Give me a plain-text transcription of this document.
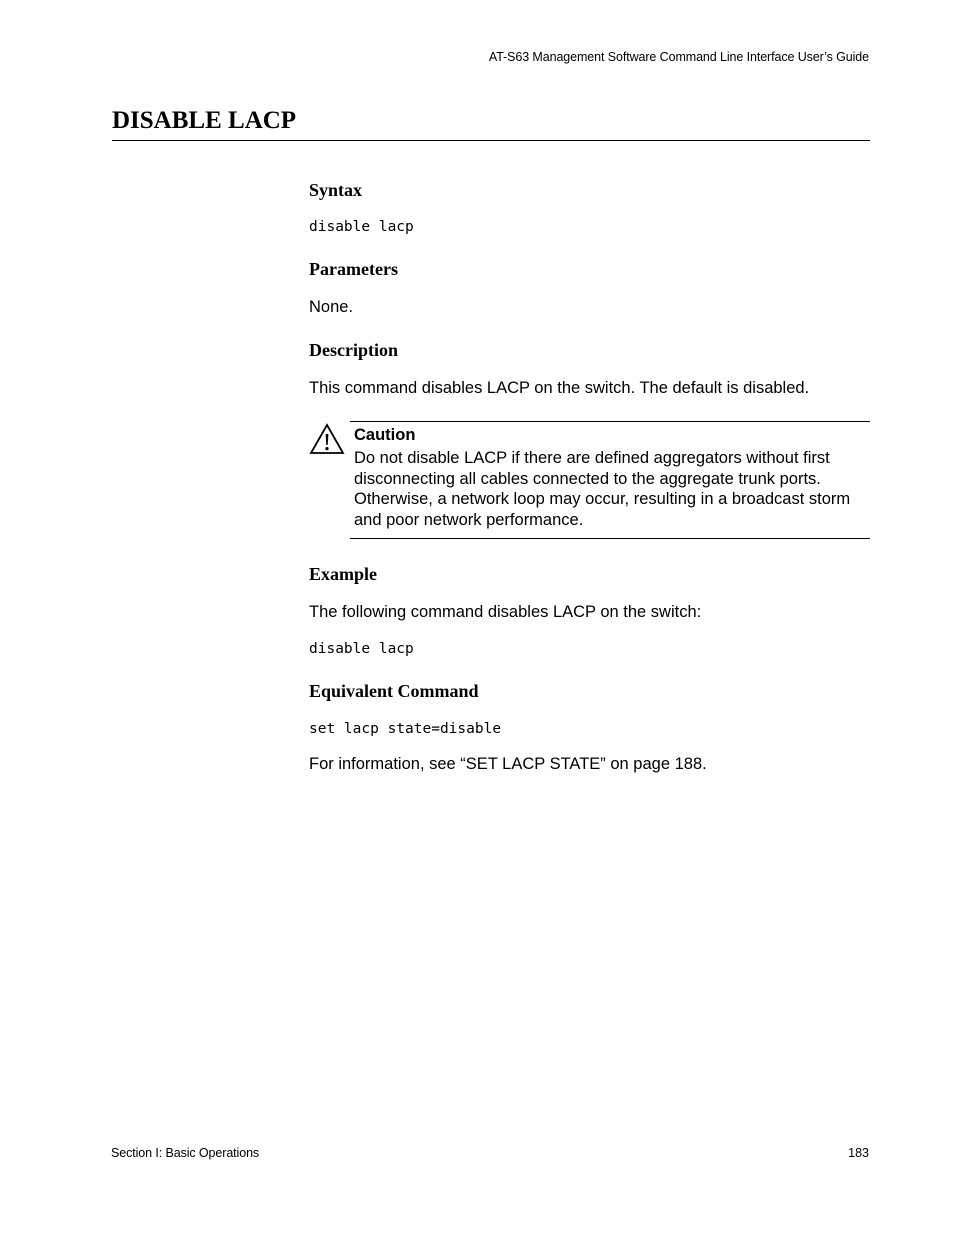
AT-S63 Management Software Command Line Interface User’s Guide
DISABLE LACP
Syntax
disable lacp
Parameters
None.
Description
This command disables LACP on the switch. The default is disabled.
Caution
Do not disable LACP if there are defined aggregators without first
disconnecting all cables connected to the aggregate trunk ports.
Otherwise, a network loop may occur, resulting in a broadcast storm
and poor network performance.
Example
The following command disables LACP on the switch:
disable lacp
Equivalent Command
set lacp state=disable
For information, see “SET LACP STATE” on page 188.
Section I: Basic Operations	183
